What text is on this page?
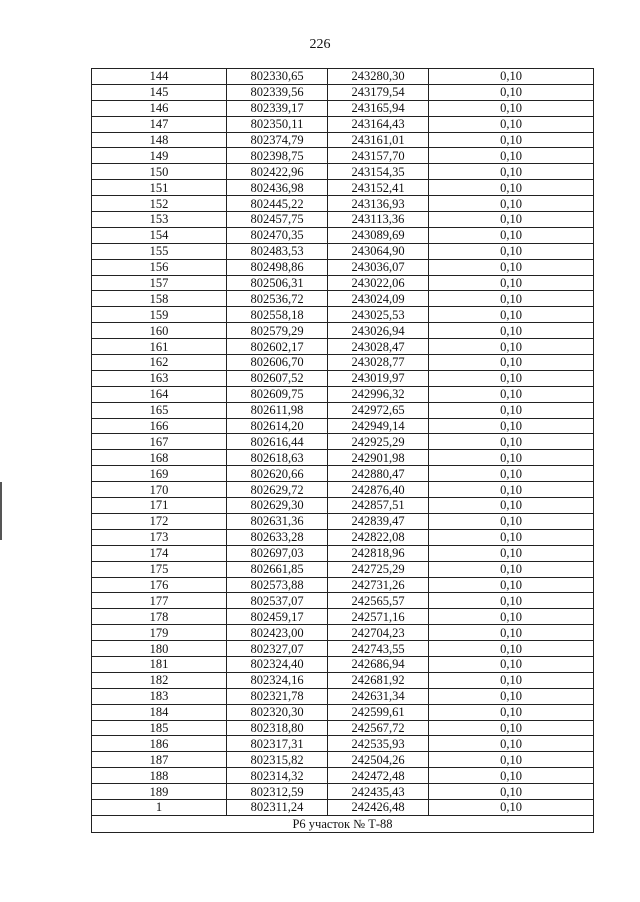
226
144	802330,65	243280,30	0,10
145	802339,56	243179,54	0,10
146	802339,17	243165,94	0,10
147	802350,11	243164,43	0,10
148	802374,79	243161,01	0,10
149	802398,75	243157,70	0,10
150	802422,96	243154,35	0,10
151	802436,98	243152,41	0,10
152	802445,22	243136,93	0,10
153	802457,75	243113,36	0,10
154	802470,35	243089,69	0,10
155	802483,53	243064,90	0,10
156	802498,86	243036,07	0,10
157	802506,31	243022,06	0,10
158	802536,72	243024,09	0,10
159	802558,18	243025,53	0,10
160	802579,29	243026,94	0,10
161	802602,17	243028,47	0,10
162	802606,70	243028,77	0,10
163	802607,52	243019,97	0,10
164	802609,75	242996,32	0,10
165	802611,98	242972,65	0,10
166	802614,20	242949,14	0,10
167	802616,44	242925,29	0,10
168	802618,63	242901,98	0,10
169	802620,66	242880,47	0,10
170	802629,72	242876,40	0,10
171	802629,30	242857,51	0,10
172	802631,36	242839,47	0,10
173	802633,28	242822,08	0,10
174	802697,03	242818,96	0,10
175	802661,85	242725,29	0,10
176	802573,88	242731,26	0,10
177	802537,07	242565,57	0,10
178	802459,17	242571,16	0,10
179	802423,00	242704,23	0,10
180	802327,07	242743,55	0,10
181	802324,40	242686,94	0,10
182	802324,16	242681,92	0,10
183	802321,78	242631,34	0,10
184	802320,30	242599,61	0,10
185	802318,80	242567,72	0,10
186	802317,31	242535,93	0,10
187	802315,82	242504,26	0,10
188	802314,32	242472,48	0,10
189	802312,59	242435,43	0,10
1	802311,24	242426,48	0,10
Р6 участок № Т-88			
